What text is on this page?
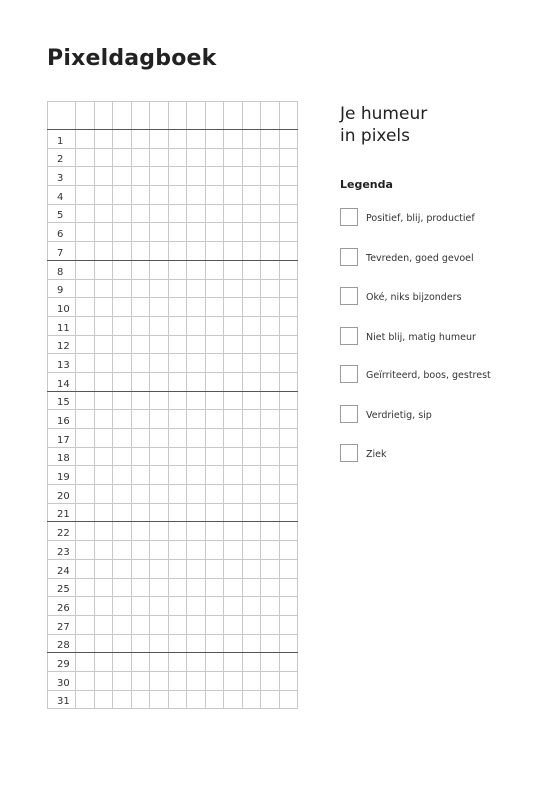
Pixeldagboek

1												
2												
3												
4												
5												
6												
7												
8												
9												
10												
11												
12												
13												
14												
15												
16												
17												
18												
19												
20												
21												
22												
23												
24												
25												
26												
27												
28												
29												
30												
31												
Je humeur
in pixels
Legenda
Positief, blij, productief
Tevreden, goed gevoel
Oké, niks bijzonders
Niet blij, matig humeur
Geïrriteerd, boos, gestrest
Verdrietig, sip
Ziek
